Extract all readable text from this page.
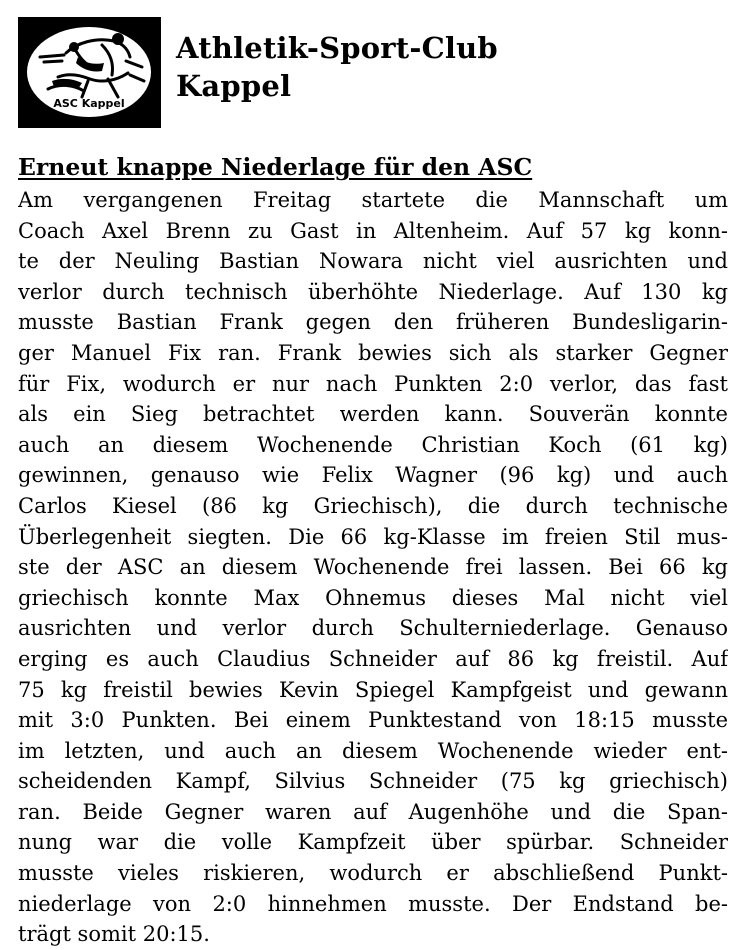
ASC Kappel
Athletik-Sport-Club
Kappel
Erneut knappe Niederlage für den ASC
Am vergangenen Freitag startete die Mannschaft um
Coach Axel Brenn zu Gast in Altenheim. Auf 57 kg konn-
te der Neuling Bastian Nowara nicht viel ausrichten und
verlor durch technisch überhöhte Niederlage. Auf 130 kg
musste Bastian Frank gegen den früheren Bundesligarin-
ger Manuel Fix ran. Frank bewies sich als starker Gegner
für Fix, wodurch er nur nach Punkten 2:0 verlor, das fast
als ein Sieg betrachtet werden kann. Souverän konnte
auch an diesem Wochenende Christian Koch (61 kg)
gewinnen, genauso wie Felix Wagner (96 kg) und auch
Carlos Kiesel (86 kg Griechisch), die durch technische
Überlegenheit siegten. Die 66 kg-Klasse im freien Stil mus-
ste der ASC an diesem Wochenende frei lassen. Bei 66 kg
griechisch konnte Max Ohnemus dieses Mal nicht viel
ausrichten und verlor durch Schulterniederlage. Genauso
erging es auch Claudius Schneider auf 86 kg freistil. Auf
75 kg freistil bewies Kevin Spiegel Kampfgeist und gewann
mit 3:0 Punkten. Bei einem Punktestand von 18:15 musste
im letzten, und auch an diesem Wochenende wieder ent-
scheidenden Kampf, Silvius Schneider (75 kg griechisch)
ran. Beide Gegner waren auf Augenhöhe und die Span-
nung war die volle Kampfzeit über spürbar. Schneider
musste vieles riskieren, wodurch er abschließend Punkt-
niederlage von 2:0 hinnehmen musste. Der Endstand be-
trägt somit 20:15.
